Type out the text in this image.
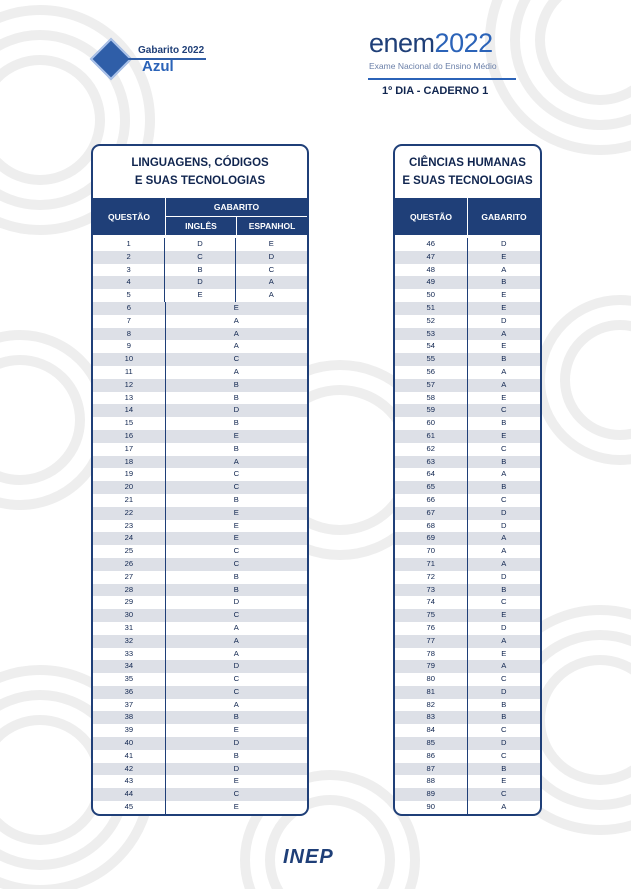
Gabarito 2022
Azul
enem2022
Exame Nacional do Ensino Médio
1º DIA - CADERNO 1
LINGUAGENS, CÓDIGOS
E SUAS TECNOLOGIAS
QUESTÃO
GABARITO
INGLÊS	ESPANHOL
1	D	E
2	C	D
3	B	C
4	D	A
5	E	A
6	E
7	A
8	A
9	A
10	C
11	A
12	B
13	B
14	D
15	B
16	E
17	B
18	A
19	C
20	C
21	B
22	E
23	E
24	E
25	C
26	C
27	B
28	B
29	D
30	C
31	A
32	A
33	A
34	D
35	C
36	C
37	A
38	B
39	E
40	D
41	B
42	D
43	E
44	C
45	E
CIÊNCIAS HUMANAS
E SUAS TECNOLOGIAS
QUESTÃO	GABARITO
46	D
47	E
48	A
49	B
50	E
51	E
52	D
53	A
54	E
55	B
56	A
57	A
58	E
59	C
60	B
61	E
62	C
63	B
64	A
65	B
66	C
67	D
68	D
69	A
70	A
71	A
72	D
73	B
74	C
75	E
76	D
77	A
78	E
79	A
80	C
81	D
82	B
83	B
84	C
85	D
86	C
87	B
88	E
89	C
90	A
INEP
